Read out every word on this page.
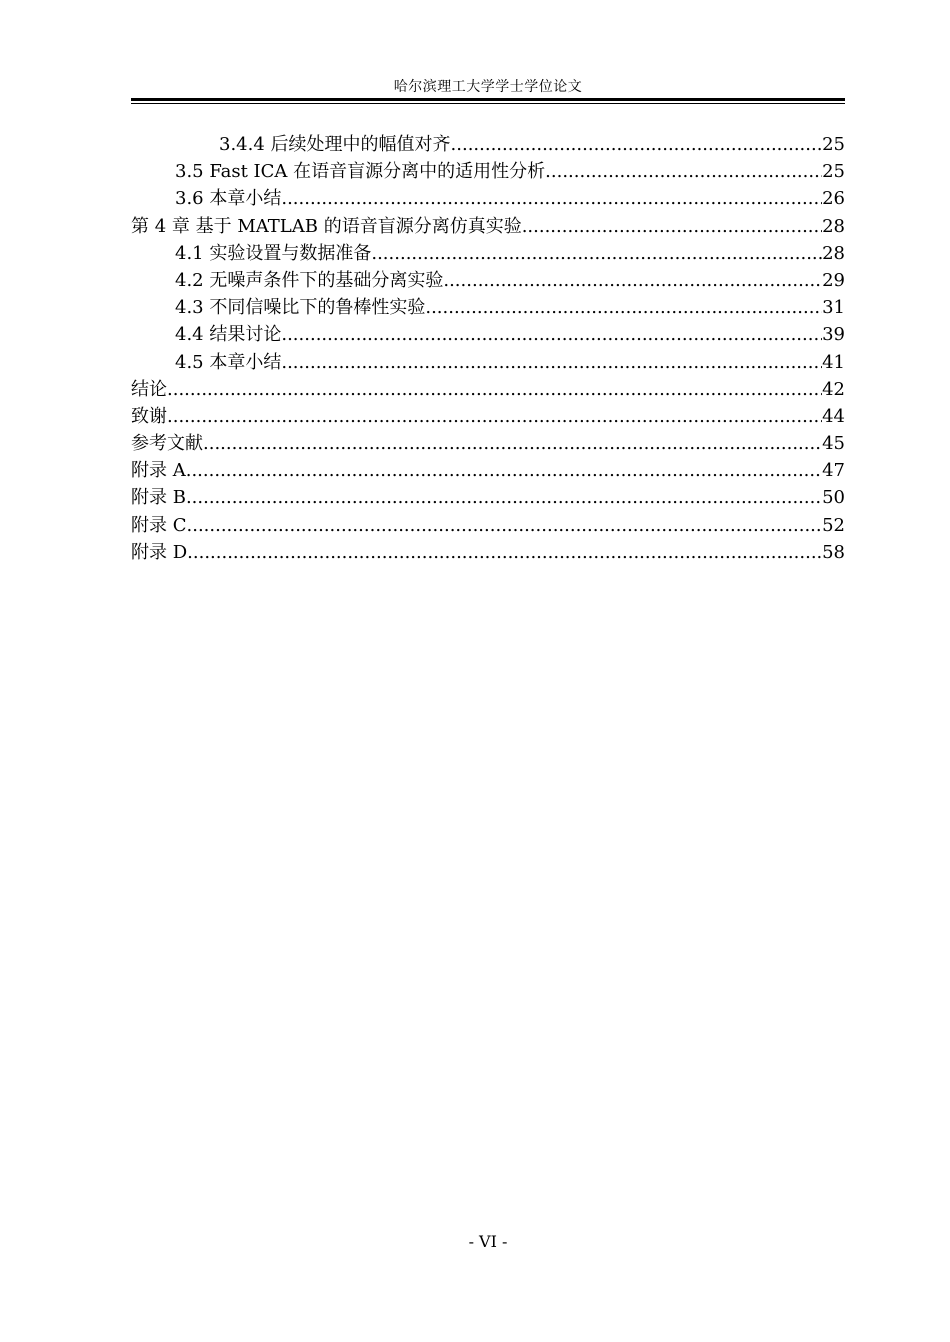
哈尔滨理工大学学士学位论文
3.4.4 后续处理中的幅值对齐 .....	25
3.5 Fast ICA 在语音盲源分离中的适用性分析 .....	25
3.6 本章小结 .....	26
第 4 章 基于 MATLAB 的语音盲源分离仿真实验 .....	28
4.1 实验设置与数据准备 .....	28
4.2 无噪声条件下的基础分离实验 .....	29
4.3 不同信噪比下的鲁棒性实验 .....	31
4.4 结果讨论 .....	39
4.5 本章小结 .....	41
结论 .....	42
致谢 .....	44
参考文献 .....	45
附录 A .....	47
附录 B .....	50
附录 C .....	52
附录 D .....	58
- VI -
